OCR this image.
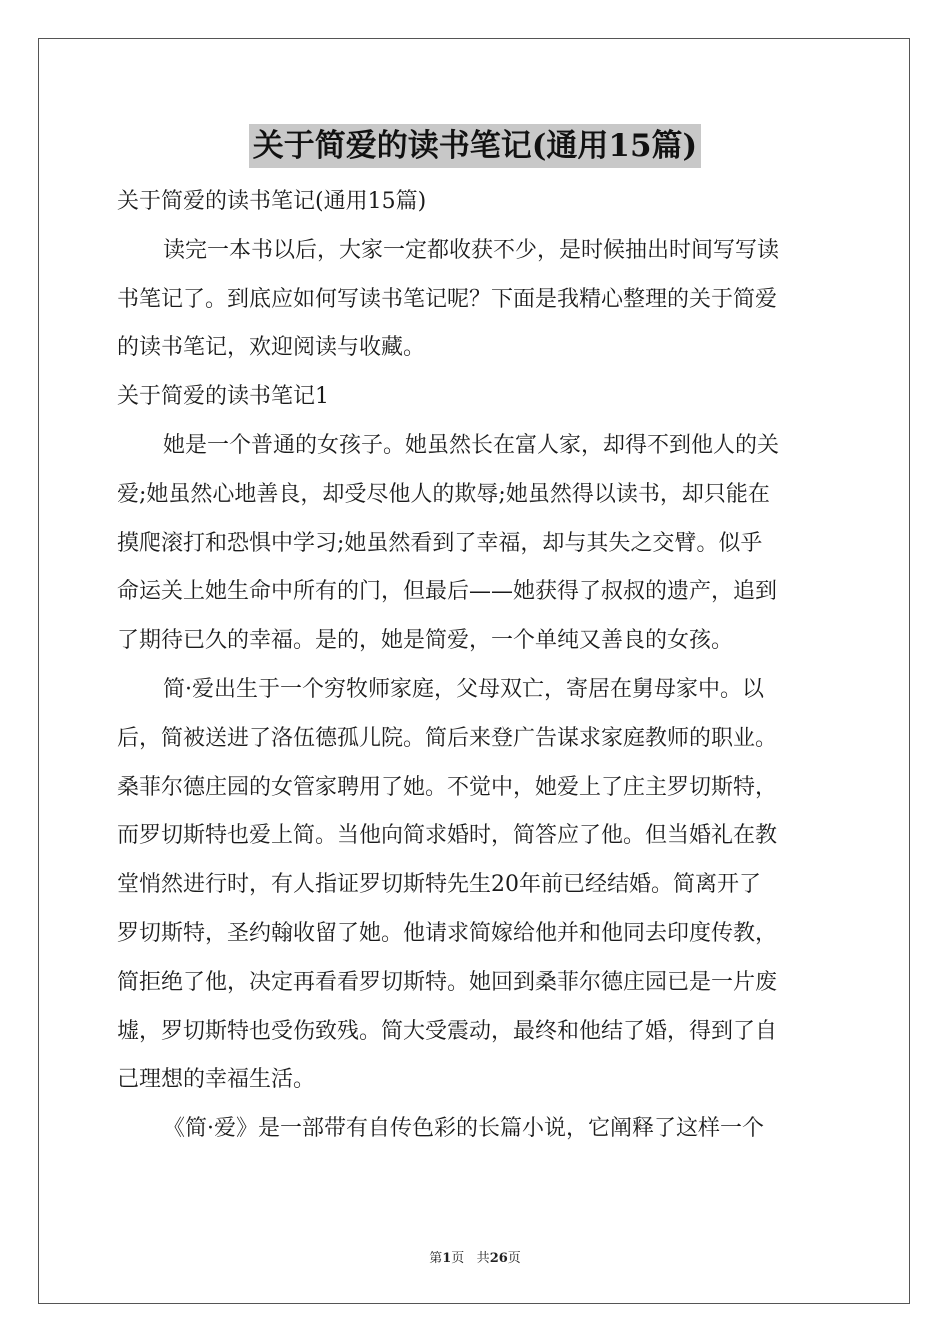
关于简爱的读书笔记(通用15篇)
关于简爱的读书笔记(通用15篇)
读完一本书以后，大家一定都收获不少，是时候抽出时间写写读
书笔记了。到底应如何写读书笔记呢？下面是我精心整理的关于简爱
的读书笔记，欢迎阅读与收藏。
关于简爱的读书笔记1
她是一个普通的女孩子。她虽然长在富人家，却得不到他人的关
爱;她虽然心地善良，却受尽他人的欺辱;她虽然得以读书，却只能在
摸爬滚打和恐惧中学习;她虽然看到了幸福，却与其失之交臂。似乎
命运关上她生命中所有的门，但最后——她获得了叔叔的遗产，追到
了期待已久的幸福。是的，她是简爱，一个单纯又善良的女孩。
简·爱出生于一个穷牧师家庭，父母双亡，寄居在舅母家中。以
后，简被送进了洛伍德孤儿院。简后来登广告谋求家庭教师的职业。
桑菲尔德庄园的女管家聘用了她。不觉中，她爱上了庄主罗切斯特，
而罗切斯特也爱上简。当他向简求婚时，简答应了他。但当婚礼在教
堂悄然进行时，有人指证罗切斯特先生20年前已经结婚。简离开了
罗切斯特，圣约翰收留了她。他请求简嫁给他并和他同去印度传教，
简拒绝了他，决定再看看罗切斯特。她回到桑菲尔德庄园已是一片废
墟，罗切斯特也受伤致残。简大受震动，最终和他结了婚，得到了自
己理想的幸福生活。
《简·爱》是一部带有自传色彩的长篇小说，它阐释了这样一个
第1页 共26页
